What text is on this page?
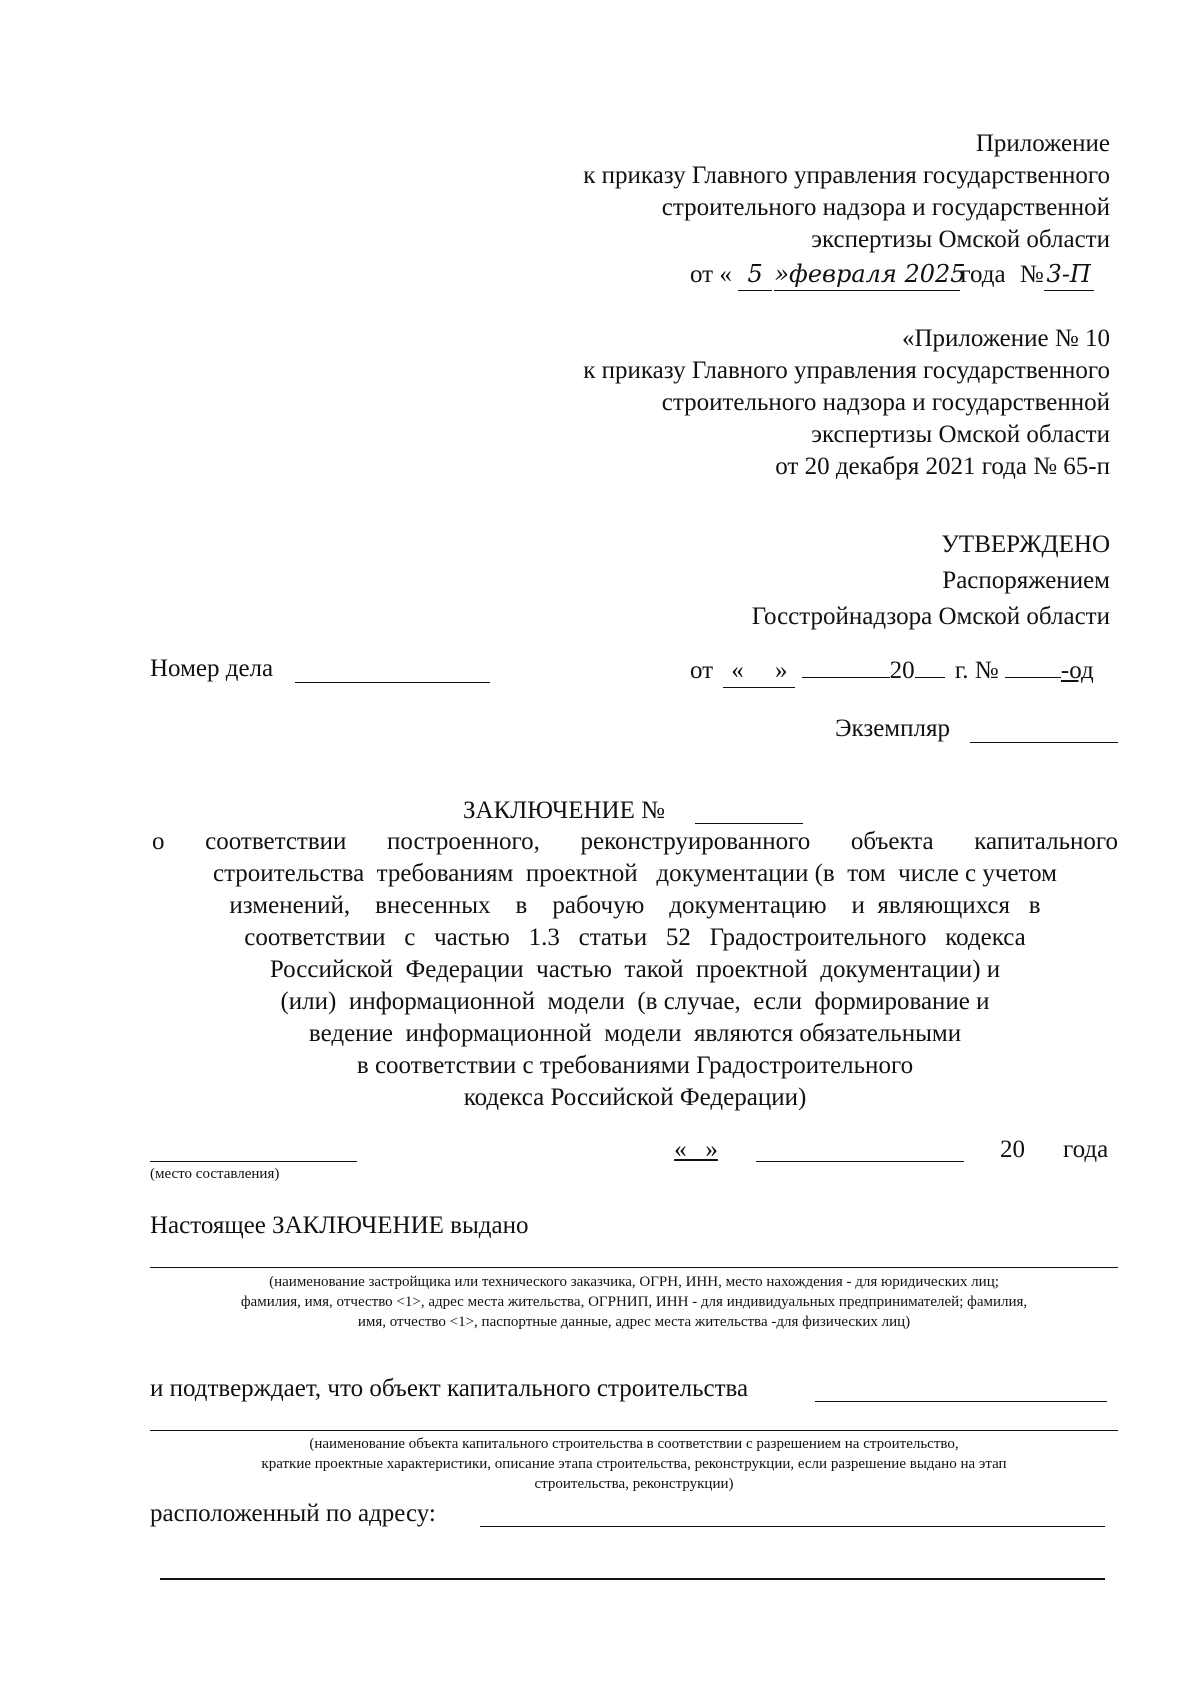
Приложение
к приказу Главного управления государственного
строительного надзора и государственной
экспертизы Омской области
от « 5 »февраля 2025года № 3-П
«Приложение № 10
к приказу Главного управления государственного
строительного надзора и государственной
экспертизы Омской области
от 20 декабря 2021 года № 65-п
УТВЕРЖДЕНО
Распоряжением
Госстройнадзора Омской области
Номер дела	от «     »	20 г. № -од
Экземпляр
ЗАКЛЮЧЕНИЕ №
о   соответствии   построенного,   реконструированного   объекта   капитального
строительства  требованиям  проектной   документации (в  том  числе с учетом
изменений,    внесенных    в    рабочую    документацию    и  являющихся   в
соответствии   с   частью   1.3   статьи   52   Градостроительного   кодекса
Российской  Федерации  частью  такой  проектной  документации) и
(или)  информационной  модели  (в случае,  если  формирование и
ведение  информационной  модели  являются обязательными
в соответствии с требованиями Градостроительного
кодекса Российской Федерации)
(место составления)
«   »	20 года
Настоящее ЗАКЛЮЧЕНИЕ выдано
(наименование застройщика или технического заказчика, ОГРН, ИНН, место нахождения - для юридических лиц;
фамилия, имя, отчество <1>, адрес места жительства, ОГРНИП, ИНН - для индивидуальных предпринимателей; фамилия,
имя, отчество <1>, паспортные данные, адрес места жительства -для физических лиц)
и подтверждает, что объект капитального строительства
(наименование объекта капитального строительства в соответствии с разрешением на строительство,
краткие проектные характеристики, описание этапа строительства, реконструкции, если разрешение выдано на этап
строительства, реконструкции)
расположенный по адресу:
